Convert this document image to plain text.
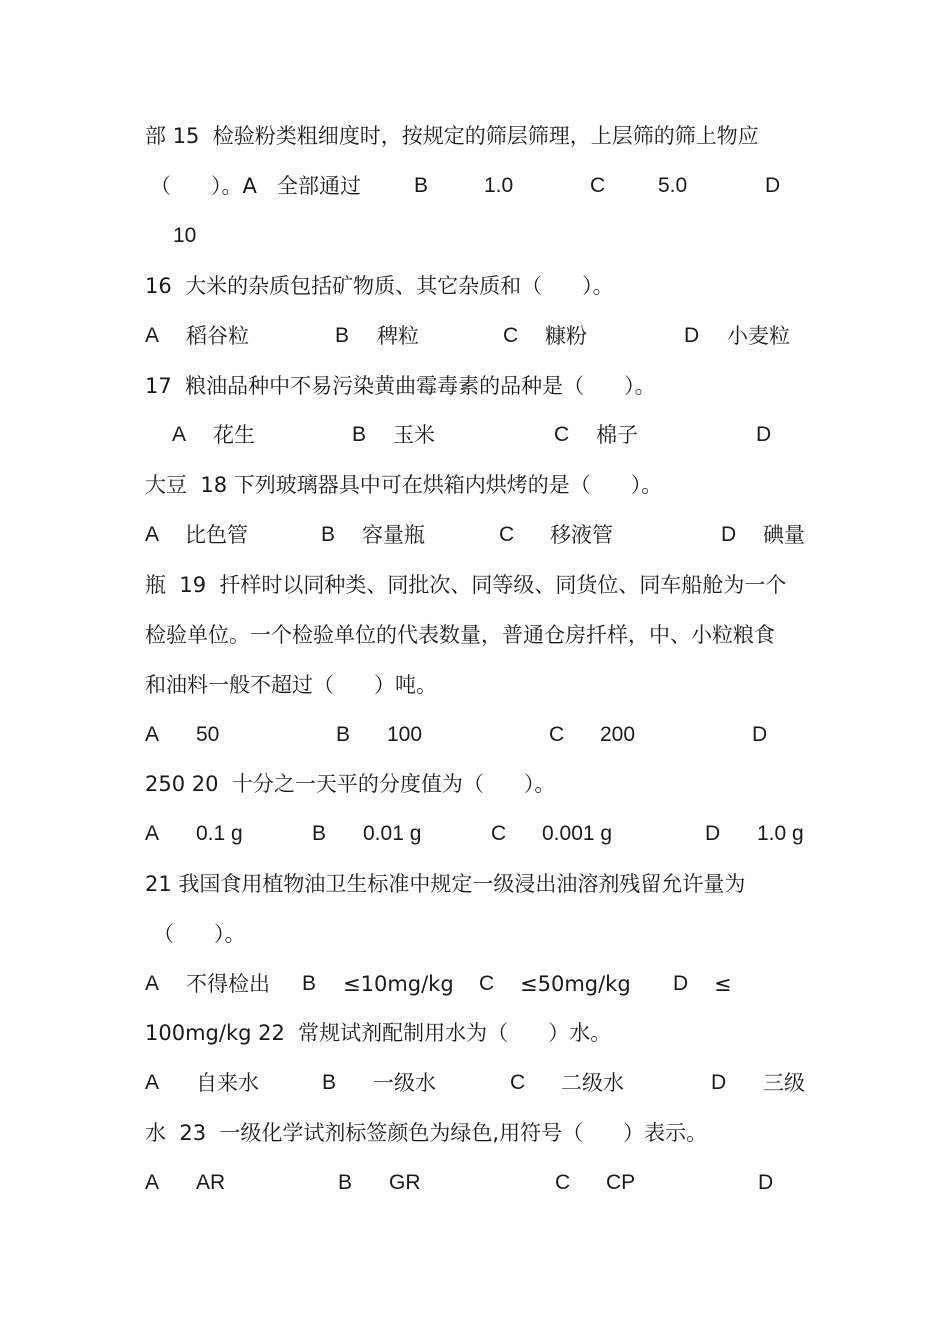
部 15  检验粉类粗细度时，按规定的筛层筛理，上层筛的筛上物应
（      ）。A 全部通过	B	1.0	C	5.0	D
10
16  大米的杂质包括矿物质、其它杂质和（      ）。
A 稻谷粒	B 稗粒	C 糠粉	D 小麦粒
17  粮油品种中不易污染黄曲霉毒素的品种是（      ）。
A 花生	B 玉米	C 棉子	D
大豆  18 下列玻璃器具中可在烘箱内烘烤的是（      ）。
A 比色管	B 容量瓶	C 移液管	D 碘量
瓶  19  扦样时以同种类、同批次、同等级、同货位、同车船舱为一个
检验单位。一个检验单位的代表数量，普通仓房扦样，中、小粒粮食
和油料一般不超过（      ）吨。
A 50	B 100	C 200	D
250 20  十分之一天平的分度值为（      ）。
A 0.1 g	B 0.01 g	C 0.001 g	D 1.0 g
21 我国食用植物油卫生标准中规定一级浸出油溶剂残留允许量为
（      ）。
A 不得检出 B ≤10mg/kg C ≤50mg/kg D ≤
100mg/kg 22  常规试剂配制用水为（      ）水。
A 自来水	B 一级水	C 二级水	D 三级
水  23  一级化学试剂标签颜色为绿色,用符号（      ）表示。
A AR	B GR	C CP	D
